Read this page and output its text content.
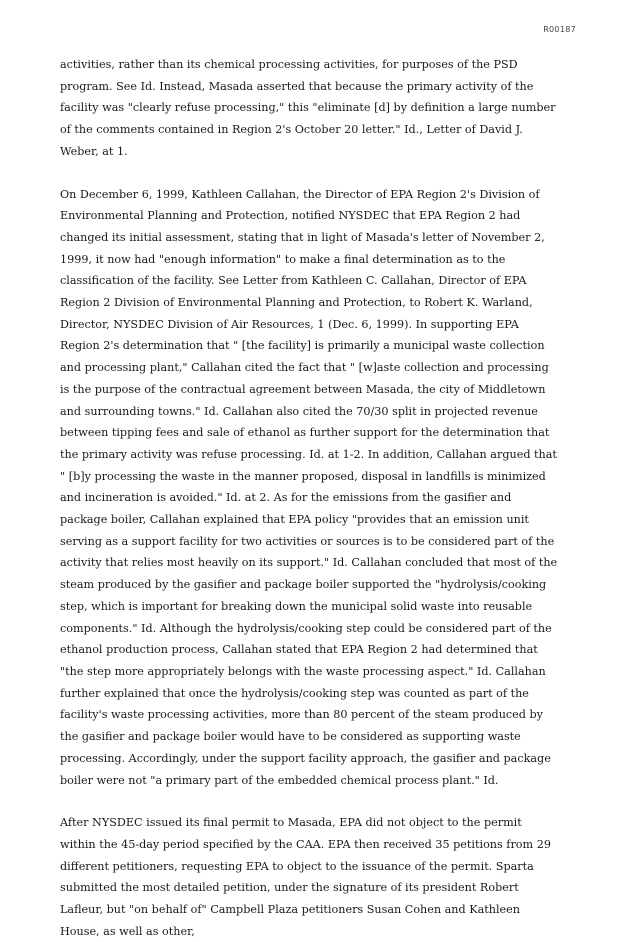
R00187

activities, rather than its chemical processing activities, for purposes of the PSD program. See Id. Instead, Masada asserted that because the primary activity of the facility was "clearly refuse processing," this "eliminate [d] by definition a large number of the comments contained in Region 2's October 20 letter." Id., Letter of David J. Weber, at 1.

On December 6, 1999, Kathleen Callahan, the Director of EPA Region 2's Division of Environmental Planning and Protection, notified NYSDEC that EPA Region 2 had changed its initial assessment, stating that in light of Masada's letter of November 2, 1999, it now had "enough information" to make a final determination as to the classification of the facility. See Letter from Kathleen C. Callahan, Director of EPA Region 2 Division of Environmental Planning and Protection, to Robert K. Warland, Director, NYSDEC Division of Air Resources, 1 (Dec. 6, 1999). In supporting EPA Region 2's determination that " [the facility] is primarily a municipal waste collection and processing plant," Callahan cited the fact that " [w]aste collection and processing is the purpose of the contractual agreement between Masada, the city of Middletown and surrounding towns." Id. Callahan also cited the 70/30 split in projected revenue between tipping fees and sale of ethanol as further support for the determination that the primary activity was refuse processing. Id. at 1-2. In addition, Callahan argued that " [b]y processing the waste in the manner proposed, disposal in landfills is minimized and incineration is avoided." Id. at 2. As for the emissions from the gasifier and package boiler, Callahan explained that EPA policy "provides that an emission unit serving as a support facility for two activities or sources is to be considered part of the activity that relies most heavily on its support." Id. Callahan concluded that most of the steam produced by the gasifier and package boiler supported the "hydrolysis/cooking step, which is important for breaking down the municipal solid waste into reusable components." Id. Although the hydrolysis/cooking step could be considered part of the ethanol production process, Callahan stated that EPA Region 2 had determined that "the step more appropriately belongs with the waste processing aspect." Id. Callahan further explained that once the hydrolysis/cooking step was counted as part of the facility's waste processing activities, more than 80 percent of the steam produced by the gasifier and package boiler would have to be considered as supporting waste processing. Accordingly, under the support facility approach, the gasifier and package boiler were not "a primary part of the embedded chemical process plant." Id.

After NYSDEC issued its final permit to Masada, EPA did not object to the permit within the 45-day period specified by the CAA. EPA then received 35 petitions from 29 different petitioners, requesting EPA to object to the issuance of the permit. Sparta submitted the most detailed petition, under the signature of its president Robert Lafleur, but "on behalf of" Campbell Plaza petitioners Susan Cohen and Kathleen House, as well as other,
